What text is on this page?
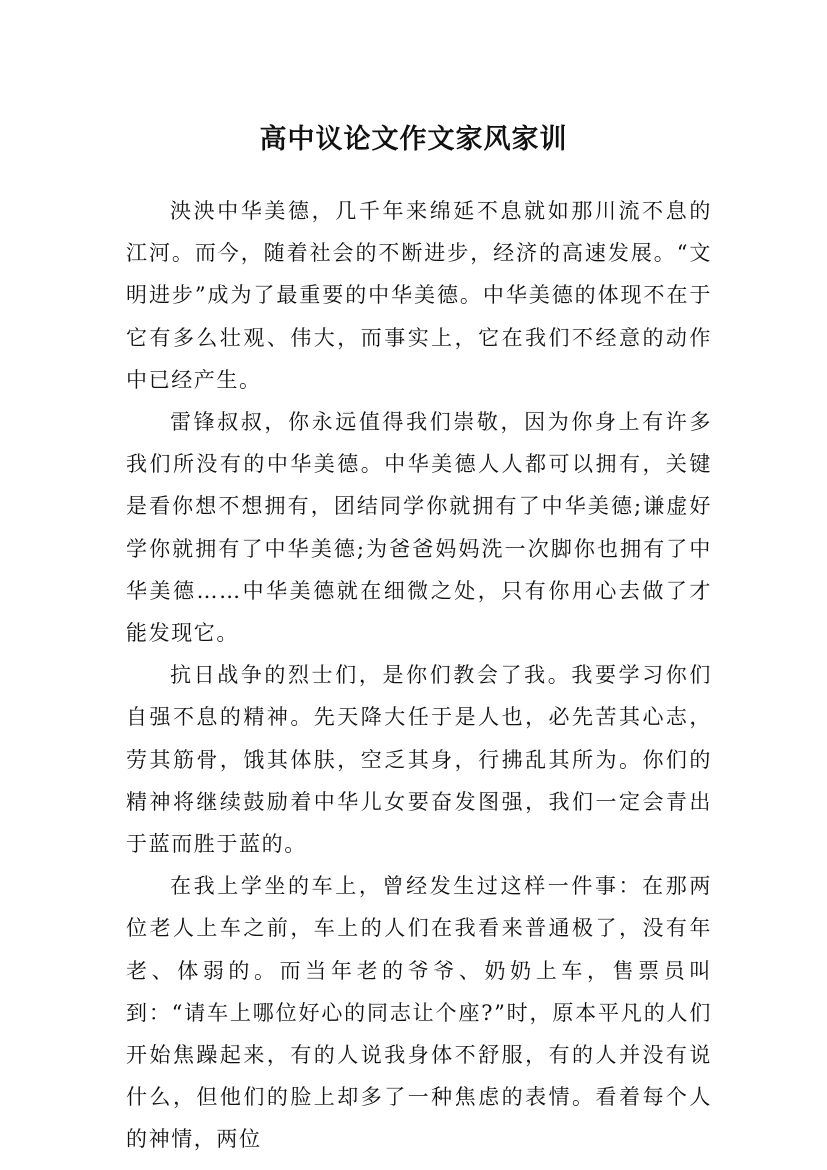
高中议论文作文家风家训

泱泱中华美德，几千年来绵延不息就如那川流不息的江河。而今，随着社会的不断进步，经济的高速发展。“文明进步”成为了最重要的中华美德。中华美德的体现不在于它有多么壮观、伟大，而事实上，它在我们不经意的动作中已经产生。

雷锋叔叔，你永远值得我们崇敬，因为你身上有许多我们所没有的中华美德。中华美德人人都可以拥有，关键是看你想不想拥有，团结同学你就拥有了中华美德;谦虚好学你就拥有了中华美德;为爸爸妈妈洗一次脚你也拥有了中华美德……中华美德就在细微之处，只有你用心去做了才能发现它。

抗日战争的烈士们，是你们教会了我。我要学习你们自强不息的精神。先天降大任于是人也，必先苦其心志，劳其筋骨，饿其体肤，空乏其身，行拂乱其所为。你们的精神将继续鼓励着中华儿女要奋发图强，我们一定会青出于蓝而胜于蓝的。

在我上学坐的车上，曾经发生过这样一件事：在那两位老人上车之前，车上的人们在我看来普通极了，没有年老、体弱的。而当年老的爷爷、奶奶上车，售票员叫到：“请车上哪位好心的同志让个座?”时，原本平凡的人们开始焦躁起来，有的人说我身体不舒服，有的人并没有说什么，但他们的脸上却多了一种焦虑的表情。看着每个人的神情，两位
